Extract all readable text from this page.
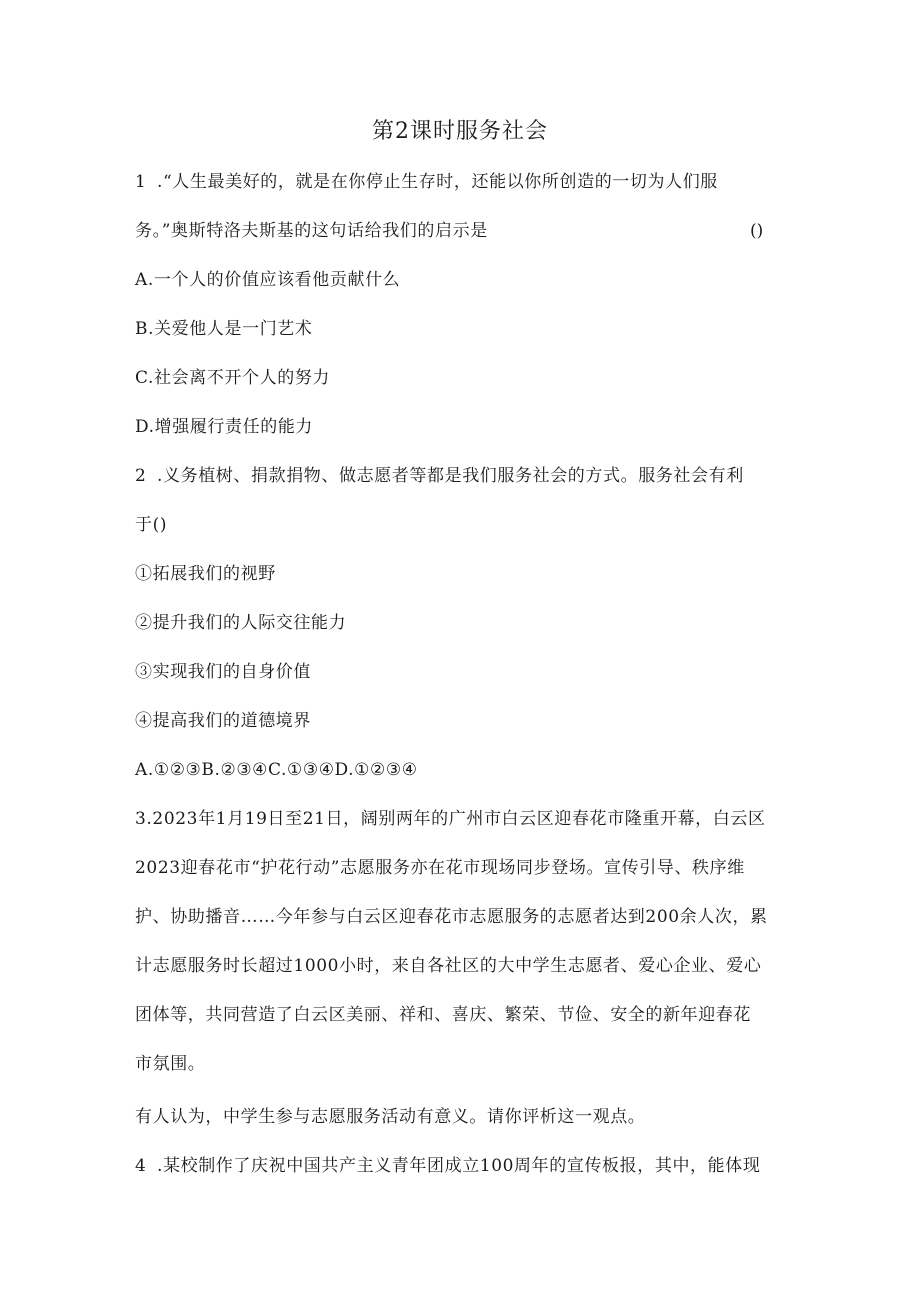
第2课时服务社会
1 .“人生最美好的，就是在你停止生存时，还能以你所创造的一切为人们服
务。”奥斯特洛夫斯基的这句话给我们的启示是	()
A.一个人的价值应该看他贡献什么
B.关爱他人是一门艺术
C.社会离不开个人的努力
D.增强履行责任的能力
2 .义务植树、捐款捐物、做志愿者等都是我们服务社会的方式。服务社会有利
于()
①拓展我们的视野
②提升我们的人际交往能力
③实现我们的自身价值
④提高我们的道德境界
A.①②③B.②③④C.①③④D.①②③④
3.2023年1月19日至21日，阔别两年的广州市白云区迎春花市隆重开幕，白云区
2023迎春花市“护花行动”志愿服务亦在花市现场同步登场。宣传引导、秩序维
护、协助播音……今年参与白云区迎春花市志愿服务的志愿者达到200余人次，累
计志愿服务时长超过1000小时，来自各社区的大中学生志愿者、爱心企业、爱心
团体等，共同营造了白云区美丽、祥和、喜庆、繁荣、节俭、安全的新年迎春花
市氛围。
有人认为，中学生参与志愿服务活动有意义。请你评析这一观点。
4 .某校制作了庆祝中国共产主义青年团成立100周年的宣传板报，其中，能体现
